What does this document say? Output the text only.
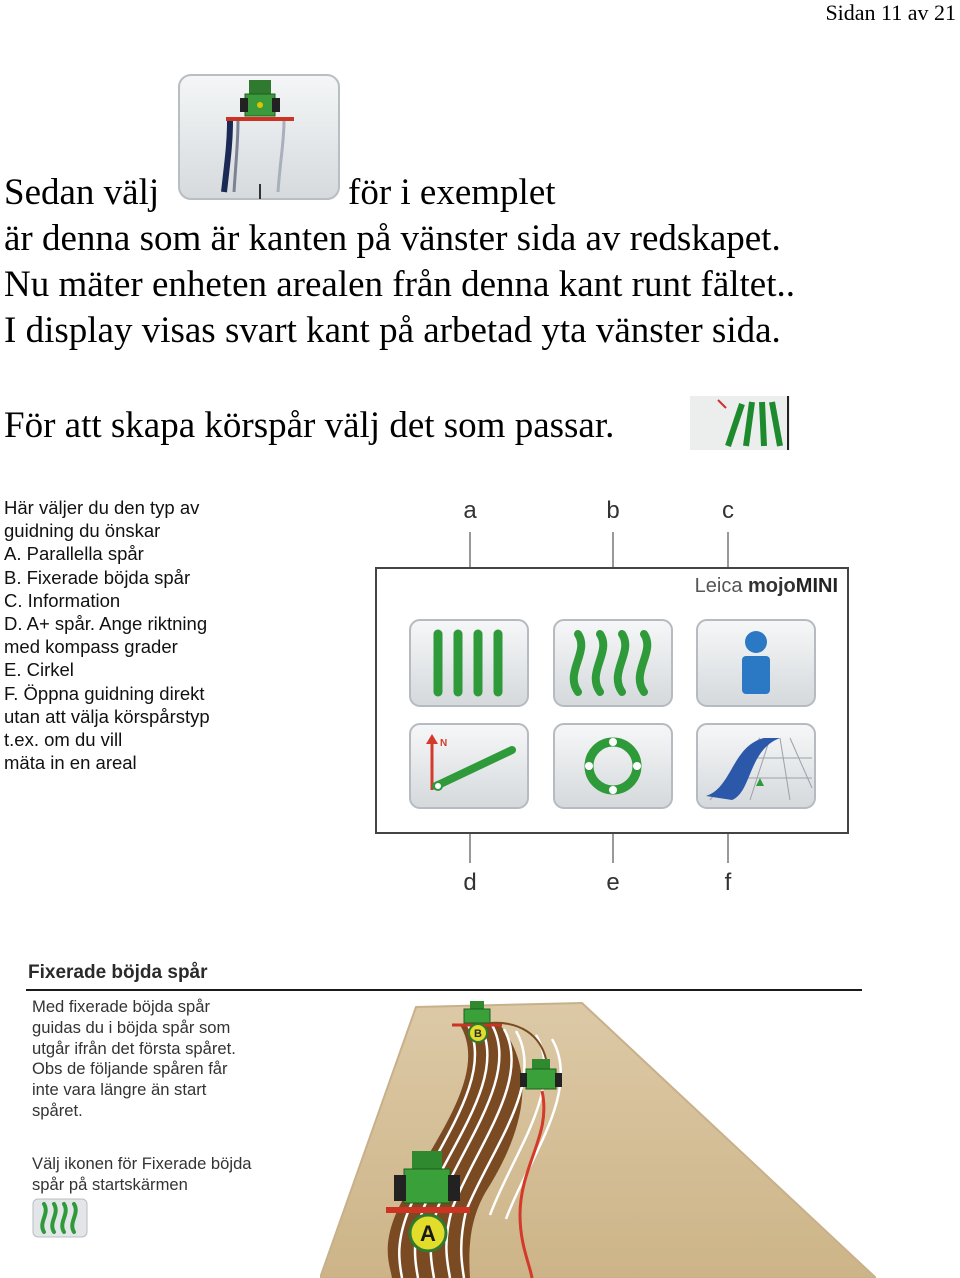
Sidan 11 av 21
Sedan välj	för i exemplet
är denna som är kanten på vänster sida av redskapet.
Nu mäter enheten arealen från denna kant runt fältet..
I display visas svart kant på arbetad yta vänster sida.
För att skapa körspår välj det som passar.
Här väljer du den typ av
guidning du önskar
A. Parallella spår
B. Fixerade böjda spår
C. Information
D. A+ spår. Ange riktning
med kompass grader
E. Cirkel
F. Öppna guidning direkt
utan att välja körspårstyp
t.ex. om du vill
mäta in en areal
a	b	c
d	e	f
Leica mojoMINI
N
Fixerade böjda spår
Med fixerade böjda spår
guidas du i böjda spår som
utgår ifrån det första spåret.
Obs de följande spåren får
inte vara längre än start
spåret.
Välj ikonen för Fixerade böjda
spår på startskärmen
B
A
